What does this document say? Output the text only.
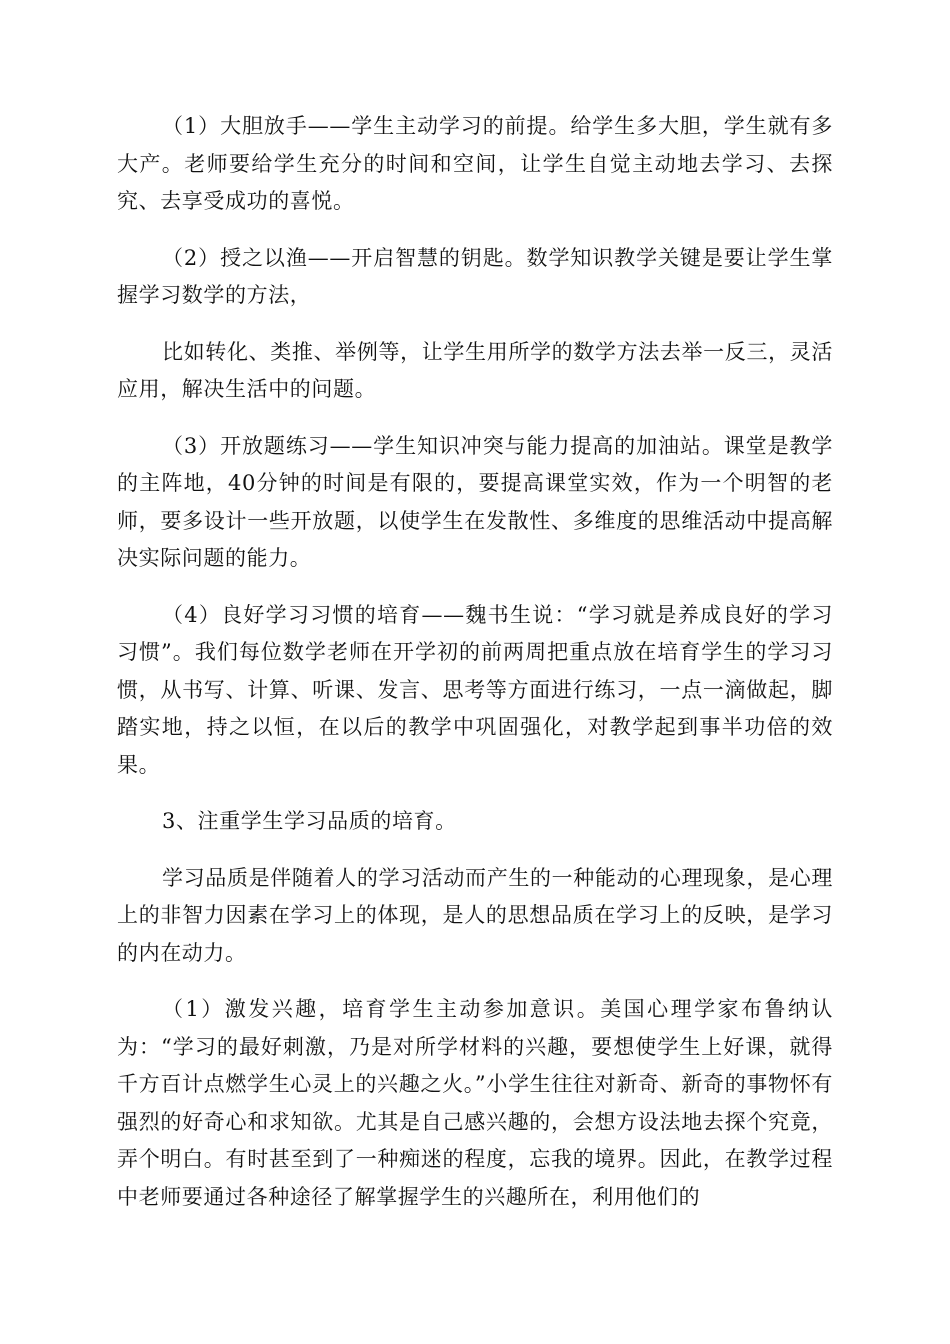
（1）大胆放手——学生主动学习的前提。给学生多大胆，学生就有多大产。老师要给学生充分的时间和空间，让学生自觉主动地去学习、去探究、去享受成功的喜悦。

（2）授之以渔——开启智慧的钥匙。数学知识教学关键是要让学生掌握学习数学的方法，

比如转化、类推、举例等，让学生用所学的数学方法去举一反三，灵活应用，解决生活中的问题。

（3）开放题练习——学生知识冲突与能力提高的加油站。课堂是教学的主阵地，40分钟的时间是有限的，要提高课堂实效，作为一个明智的老师，要多设计一些开放题，以使学生在发散性、多维度的思维活动中提高解决实际问题的能力。

（4）良好学习习惯的培育——魏书生说：“学习就是养成良好的学习习惯”。我们每位数学老师在开学初的前两周把重点放在培育学生的学习习惯，从书写、计算、听课、发言、思考等方面进行练习，一点一滴做起，脚踏实地，持之以恒，在以后的教学中巩固强化，对教学起到事半功倍的效果。

3、注重学生学习品质的培育。

学习品质是伴随着人的学习活动而产生的一种能动的心理现象，是心理上的非智力因素在学习上的体现，是人的思想品质在学习上的反映，是学习的内在动力。

（1）激发兴趣，培育学生主动参加意识。美国心理学家布鲁纳认为：“学习的最好刺激，乃是对所学材料的兴趣，要想使学生上好课，就得千方百计点燃学生心灵上的兴趣之火。”小学生往往对新奇、新奇的事物怀有强烈的好奇心和求知欲。尤其是自己感兴趣的，会想方设法地去探个究竟，弄个明白。有时甚至到了一种痴迷的程度，忘我的境界。因此，在教学过程中老师要通过各种途径了解掌握学生的兴趣所在，利用他们的
